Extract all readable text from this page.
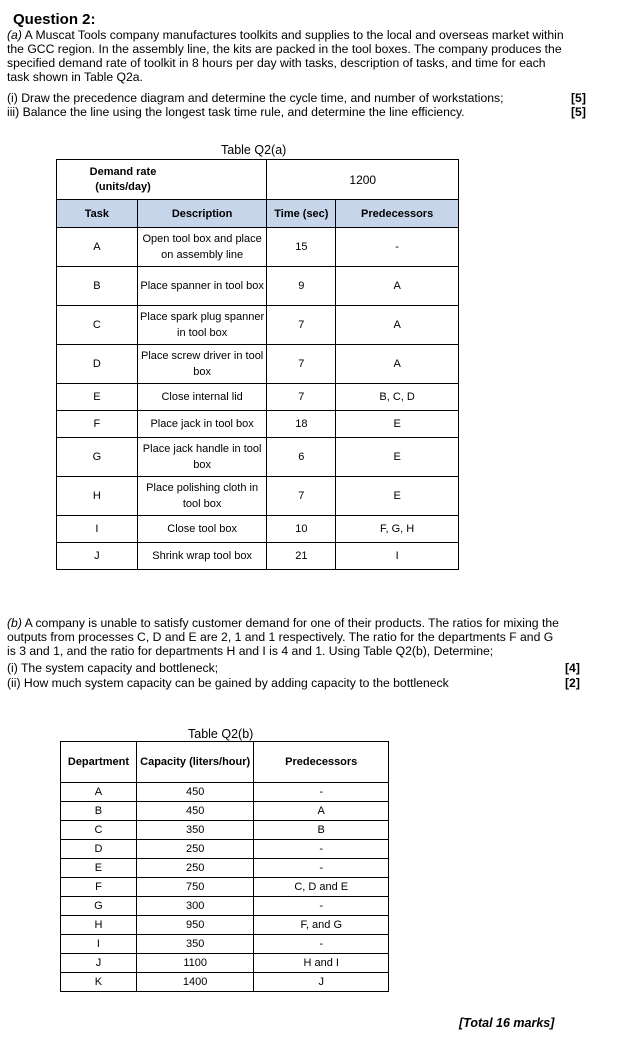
Question 2:
(a) A Muscat Tools company manufactures toolkits and supplies to the local and overseas market within
the GCC region. In the assembly line, the kits are packed in the tool boxes. The company produces the
specified demand rate of toolkit in 8 hours per day with tasks, description of tasks, and time for each
task shown in Table Q2a.
(i) Draw the precedence diagram and determine the cycle time, and number of workstations;	[5]
iii) Balance the line using the longest task time rule, and determine the line efficiency.	[5]
Table Q2(a)
Demand rate (units/day)		1200	
Task	Description	Time (sec)	Predecessors
A	Open tool box and place on assembly line	15	-
B	Place spanner in tool box	9	A
C	Place spark plug spanner in tool box	7	A
D	Place screw driver in tool box	7	A
E	Close internal lid	7	B, C, D
F	Place jack in tool box	18	E
G	Place jack handle in tool box	6	E
H	Place polishing cloth in tool box	7	E
I	Close tool box	10	F, G, H
J	Shrink wrap tool box	21	I
(b) A company is unable to satisfy customer demand for one of their products. The ratios for mixing the
outputs from processes C, D and E are 2, 1 and 1 respectively. The ratio for the departments F and G
is 3 and 1, and the ratio for departments H and I is 4 and 1. Using Table Q2(b), Determine;
(i) The system capacity and bottleneck;	[4]
(ii) How much system capacity can be gained by adding capacity to the bottleneck	[2]
Table Q2(b)
Department	Capacity (liters/hour)	Predecessors
A	450	-
B	450	A
C	350	B
D	250	-
E	250	-
F	750	C, D and E
G	300	-
H	950	F, and G
I	350	-
J	1100	H and I
K	1400	J
[Total 16 marks]
